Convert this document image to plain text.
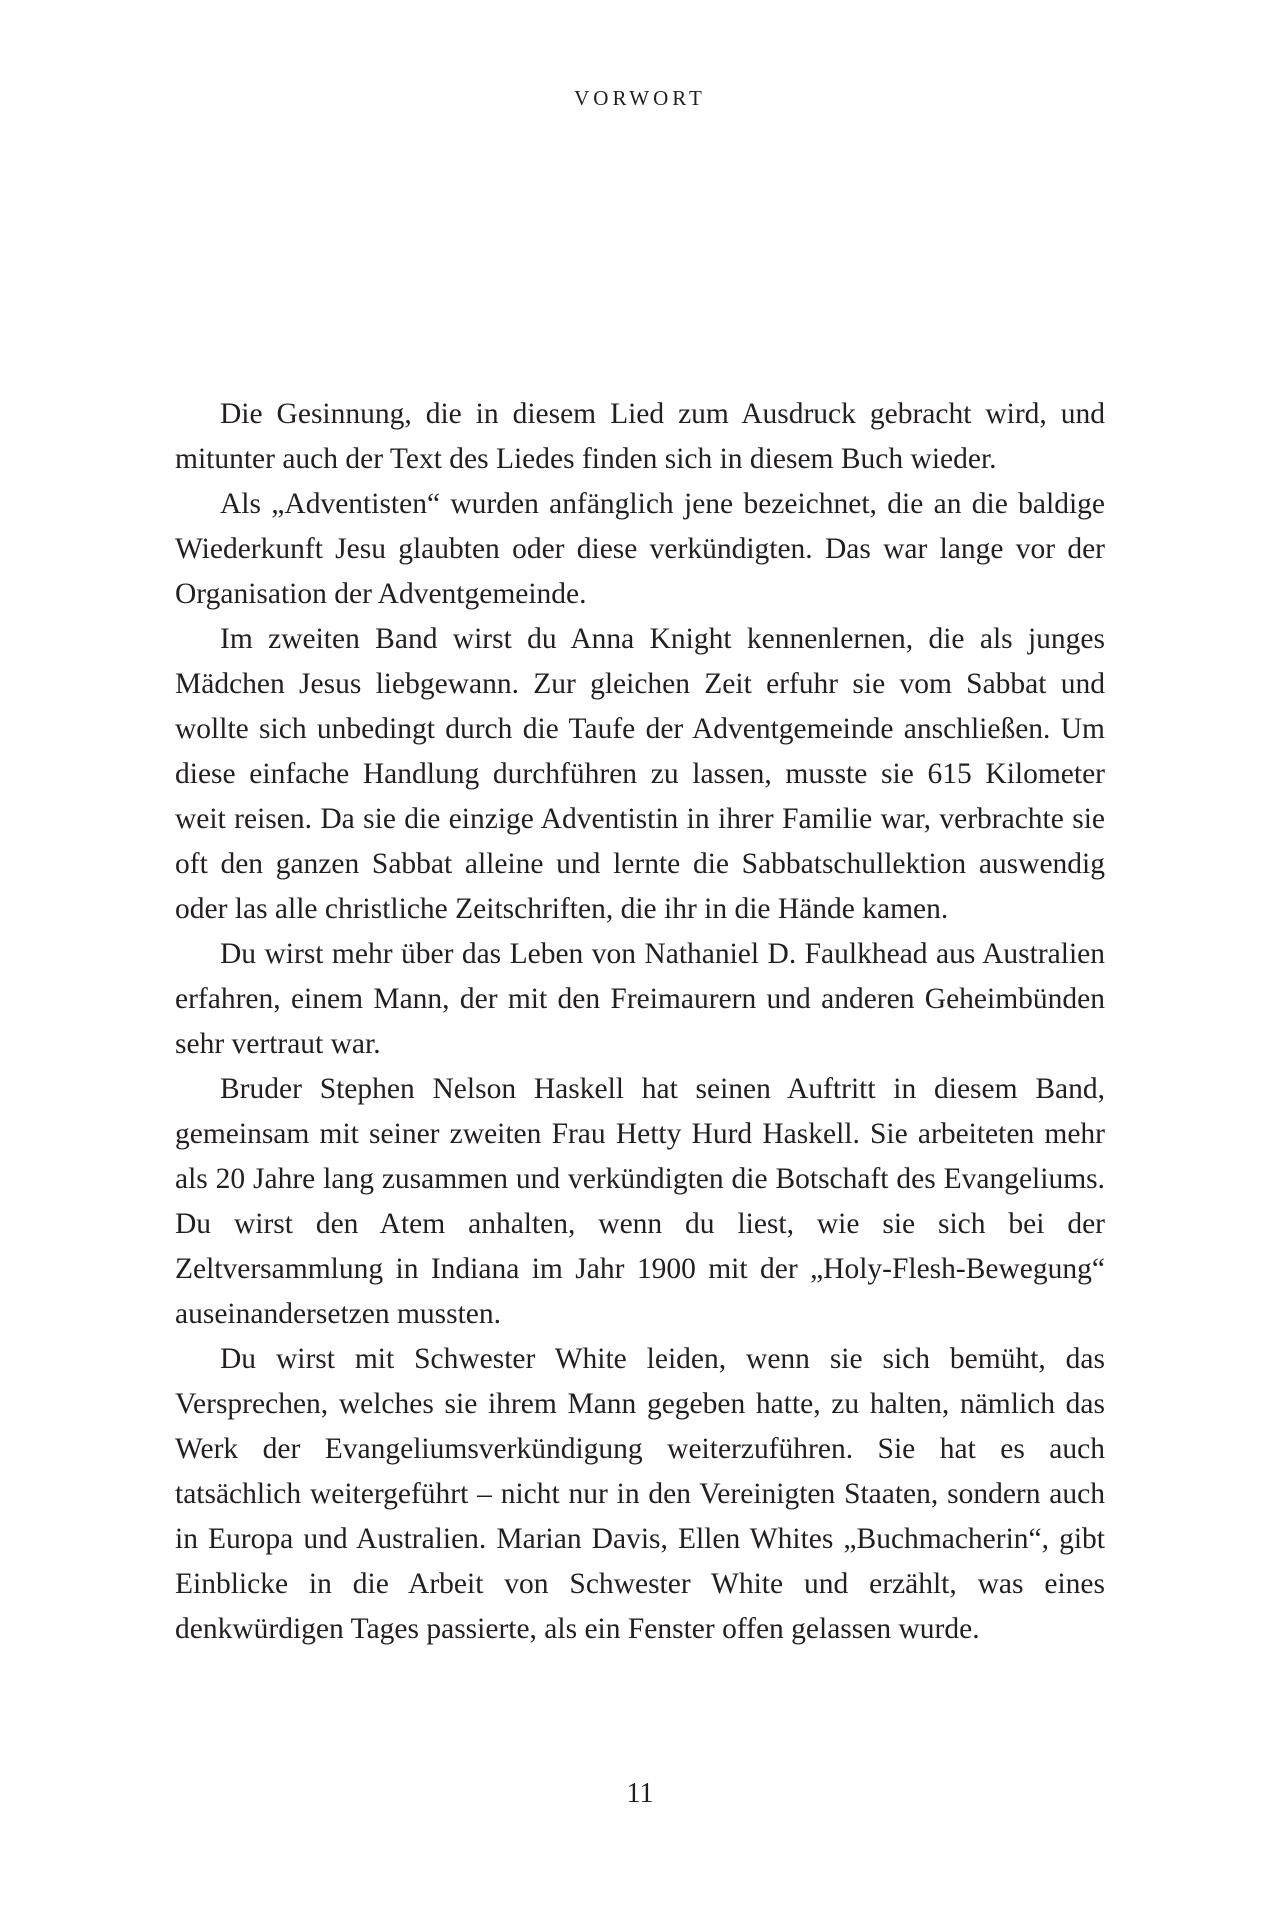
VORWORT

Die Gesinnung, die in diesem Lied zum Ausdruck gebracht wird, und mitunter auch der Text des Liedes finden sich in diesem Buch wieder.

Als „Adventisten“ wurden anfänglich jene bezeichnet, die an die baldige Wiederkunft Jesu glaubten oder diese verkündigten. Das war lange vor der Organisation der Adventgemeinde.

Im zweiten Band wirst du Anna Knight kennenlernen, die als junges Mädchen Jesus liebgewann. Zur gleichen Zeit erfuhr sie vom Sabbat und wollte sich unbedingt durch die Taufe der Adventgemeinde anschließen. Um diese einfache Handlung durchführen zu lassen, musste sie 615 Kilometer weit reisen. Da sie die einzige Adventistin in ihrer Familie war, verbrachte sie oft den ganzen Sabbat alleine und lernte die Sabbatschullektion auswendig oder las alle christliche Zeitschriften, die ihr in die Hände kamen.

Du wirst mehr über das Leben von Nathaniel D. Faulkhead aus Australien erfahren, einem Mann, der mit den Freimaurern und anderen Geheimbünden sehr vertraut war.

Bruder Stephen Nelson Haskell hat seinen Auftritt in diesem Band, gemeinsam mit seiner zweiten Frau Hetty Hurd Haskell. Sie arbeiteten mehr als 20 Jahre lang zusammen und verkündigten die Botschaft des Evangeliums. Du wirst den Atem anhalten, wenn du liest, wie sie sich bei der Zeltversammlung in Indiana im Jahr 1900 mit der „Holy-Flesh-Bewegung“ auseinandersetzen mussten.

Du wirst mit Schwester White leiden, wenn sie sich bemüht, das Versprechen, welches sie ihrem Mann gegeben hatte, zu halten, nämlich das Werk der Evangeliumsverkündigung weiterzuführen. Sie hat es auch tatsächlich weitergeführt – nicht nur in den Vereinigten Staaten, sondern auch in Europa und Australien. Marian Davis, Ellen Whites „Buchmacherin“, gibt Einblicke in die Arbeit von Schwester White und erzählt, was eines denkwürdigen Tages passierte, als ein Fenster offen gelassen wurde.

11
